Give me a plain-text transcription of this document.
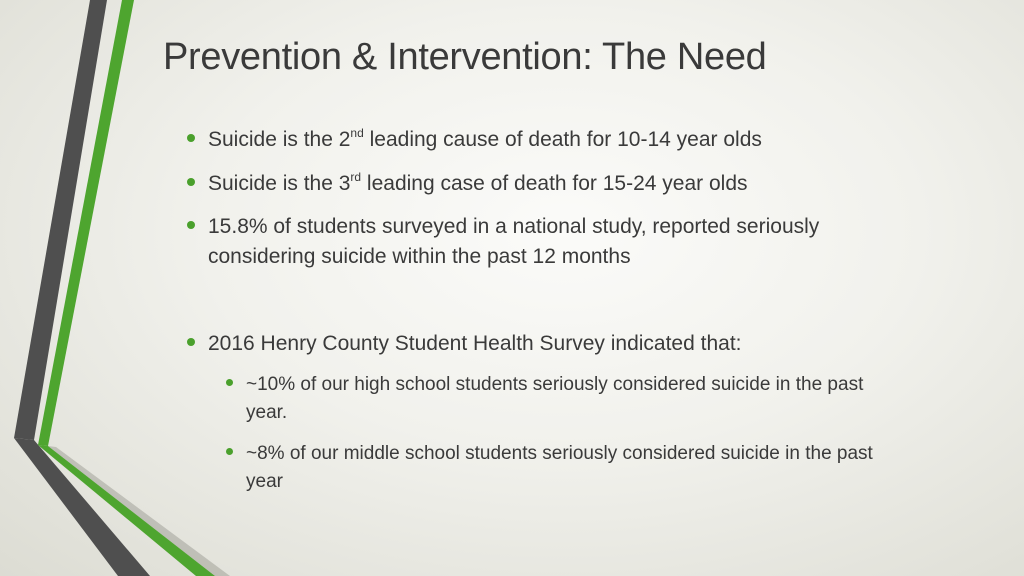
Prevention & Intervention: The Need
Suicide is the 2nd leading cause of death for 10-14 year olds
Suicide is the 3rd leading case of death for 15-24 year olds
15.8% of students surveyed in a national study, reported seriously considering suicide within the past 12 months
2016 Henry County Student Health Survey indicated that:
~10% of our high school students seriously considered suicide in the past year.
~8% of our middle school students seriously considered suicide in the past year
